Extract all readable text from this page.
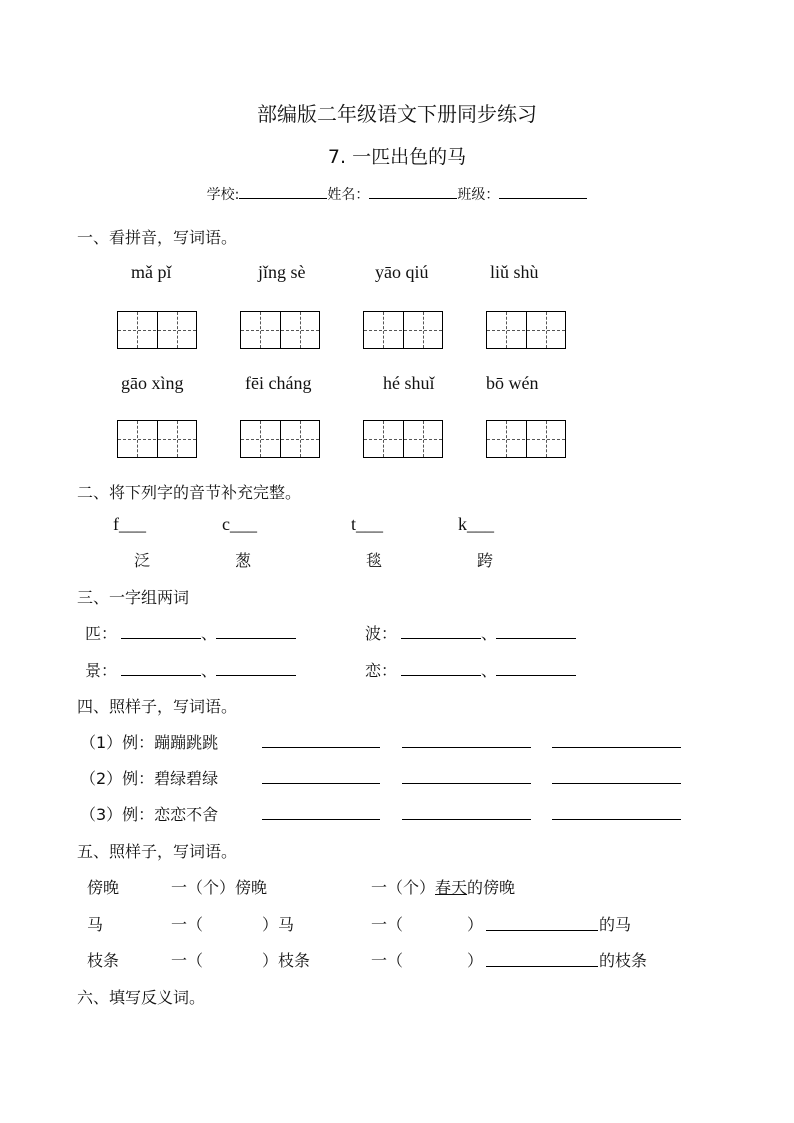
部编版二年级语文下册同步练习
7. 一匹出色的马
学校:	姓名：	班级：
一、看拼音，写词语。
mǎ pǐ	jǐng sè	yāo qiú	liǔ shù
gāo xìng	fēi cháng	hé shuǐ	bō wén
二、将下列字的音节补充完整。
f___	c___	t___	k___
泛	葱	毯	跨
三、一字组两词
匹：	、	波：	、
景：	、	恋：	、
四、照样子，写词语。
（1）例：蹦蹦跳跳
（2）例：碧绿碧绿
（3）例：恋恋不舍
五、照样子，写词语。
傍晚	一（个）傍晚	一（个）春天的傍晚
马	一（	）马	一（	）	的马
枝条	一（	）枝条	一（	）	的枝条
六、填写反义词。
